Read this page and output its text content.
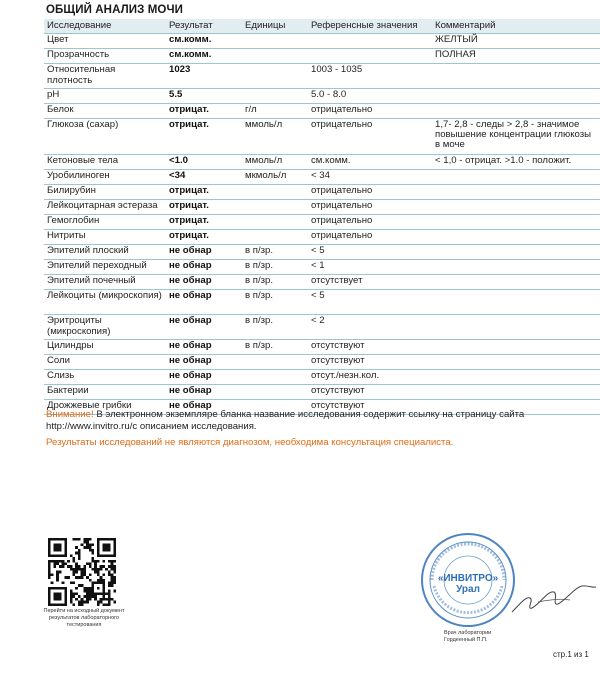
ОБЩИЙ АНАЛИЗ МОЧИ
Исследование	Результат	Единицы	Референсные значения	Комментарий
Цвет	см.комм.			ЖЕЛТЫЙ
Прозрачность	см.комм.			ПОЛНАЯ
Относительная плотность	1023		1003 - 1035	
pH	5.5		5.0 - 8.0	
Белок	отрицат.	г/л	отрицательно	
Глюкоза (сахар)	отрицат.	ммоль/л	отрицательно	1,7- 2,8 - следы > 2,8 - значимое повышение концентрации глюкозы в моче
Кетоновые тела	<1.0	ммоль/л	см.комм.	< 1,0 - отрицат. >1.0 - положит.
Уробилиноген	<34	мкмоль/л	< 34	
Билирубин	отрицат.		отрицательно	
Лейкоцитарная эстераза	отрицат.		отрицательно	
Гемоглобин	отрицат.		отрицательно	
Нитриты	отрицат.		отрицательно	
Эпителий плоский	не обнар	в п/зр.	< 5	
Эпителий переходный	не обнар	в п/зр.	< 1	
Эпителий почечный	не обнар	в п/зр.	отсутствует	
Лейкоциты (микроскопия)	не обнар	в п/зр.	< 5	
Эритроциты (микроскопия)	не обнар	в п/зр.	< 2	
Цилиндры	не обнар	в п/зр.	отсутствуют	
Соли	не обнар		отсутствуют	
Слизь	не обнар		отсут./незн.кол.	
Бактерии	не обнар		отсутствуют	
Дрожжевые грибки	не обнар		отсутствуют	
Внимание! В электронном экземпляре бланка название исследования содержит ссылку на страницу сайта http://www.invitro.ru/c описанием исследования.
Результаты исследований не являются диагнозом, необходима консультация специалиста.
Перейти на исходный документ результатов лабораторного тестирования
«ИНВИТРО»
Урал
Врач лаборатории
Гордеенный П.П.
стр.1 из 1
